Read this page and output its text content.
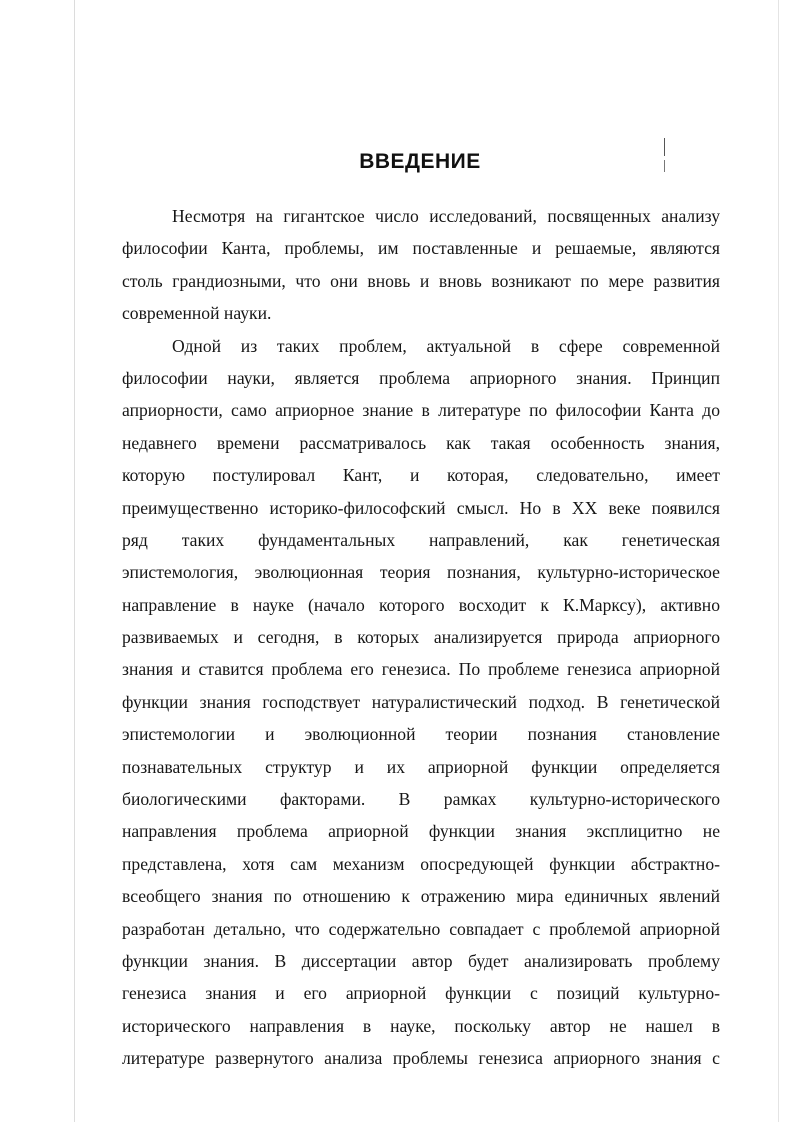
ВВЕДЕНИЕ
Несмотря на гигантское число исследований, посвященных анализу
философии Канта, проблемы, им поставленные и решаемые, являются
столь грандиозными, что они вновь и вновь возникают по мере развития
современной науки.
Одной из таких проблем, актуальной в сфере современной
философии науки, является проблема априорного знания. Принцип
априорности, само априорное знание в литературе по философии Канта до
недавнего времени рассматривалось как такая особенность знания,
которую постулировал Кант, и которая, следовательно, имеет
преимущественно историко-философский смысл. Но в XX веке появился
ряд таких фундаментальных направлений, как генетическая
эпистемология, эволюционная теория познания, культурно-историческое
направление в науке (начало которого восходит к К.Марксу), активно
развиваемых и сегодня, в которых анализируется природа априорного
знания и ставится проблема его генезиса. По проблеме генезиса априорной
функции знания господствует натуралистический подход. В генетической
эпистемологии и эволюционной теории познания становление
познавательных структур и их априорной функции определяется
биологическими факторами. В рамках культурно-исторического
направления проблема априорной функции знания эксплицитно не
представлена, хотя сам механизм опосредующей функции абстрактно-
всеобщего знания по отношению к отражению мира единичных явлений
разработан детально, что содержательно совпадает с проблемой априорной
функции знания. В диссертации автор будет анализировать проблему
генезиса знания и его априорной функции с позиций культурно-
исторического направления в науке, поскольку автор не нашел в
литературе развернутого анализа проблемы генезиса априорного знания с
